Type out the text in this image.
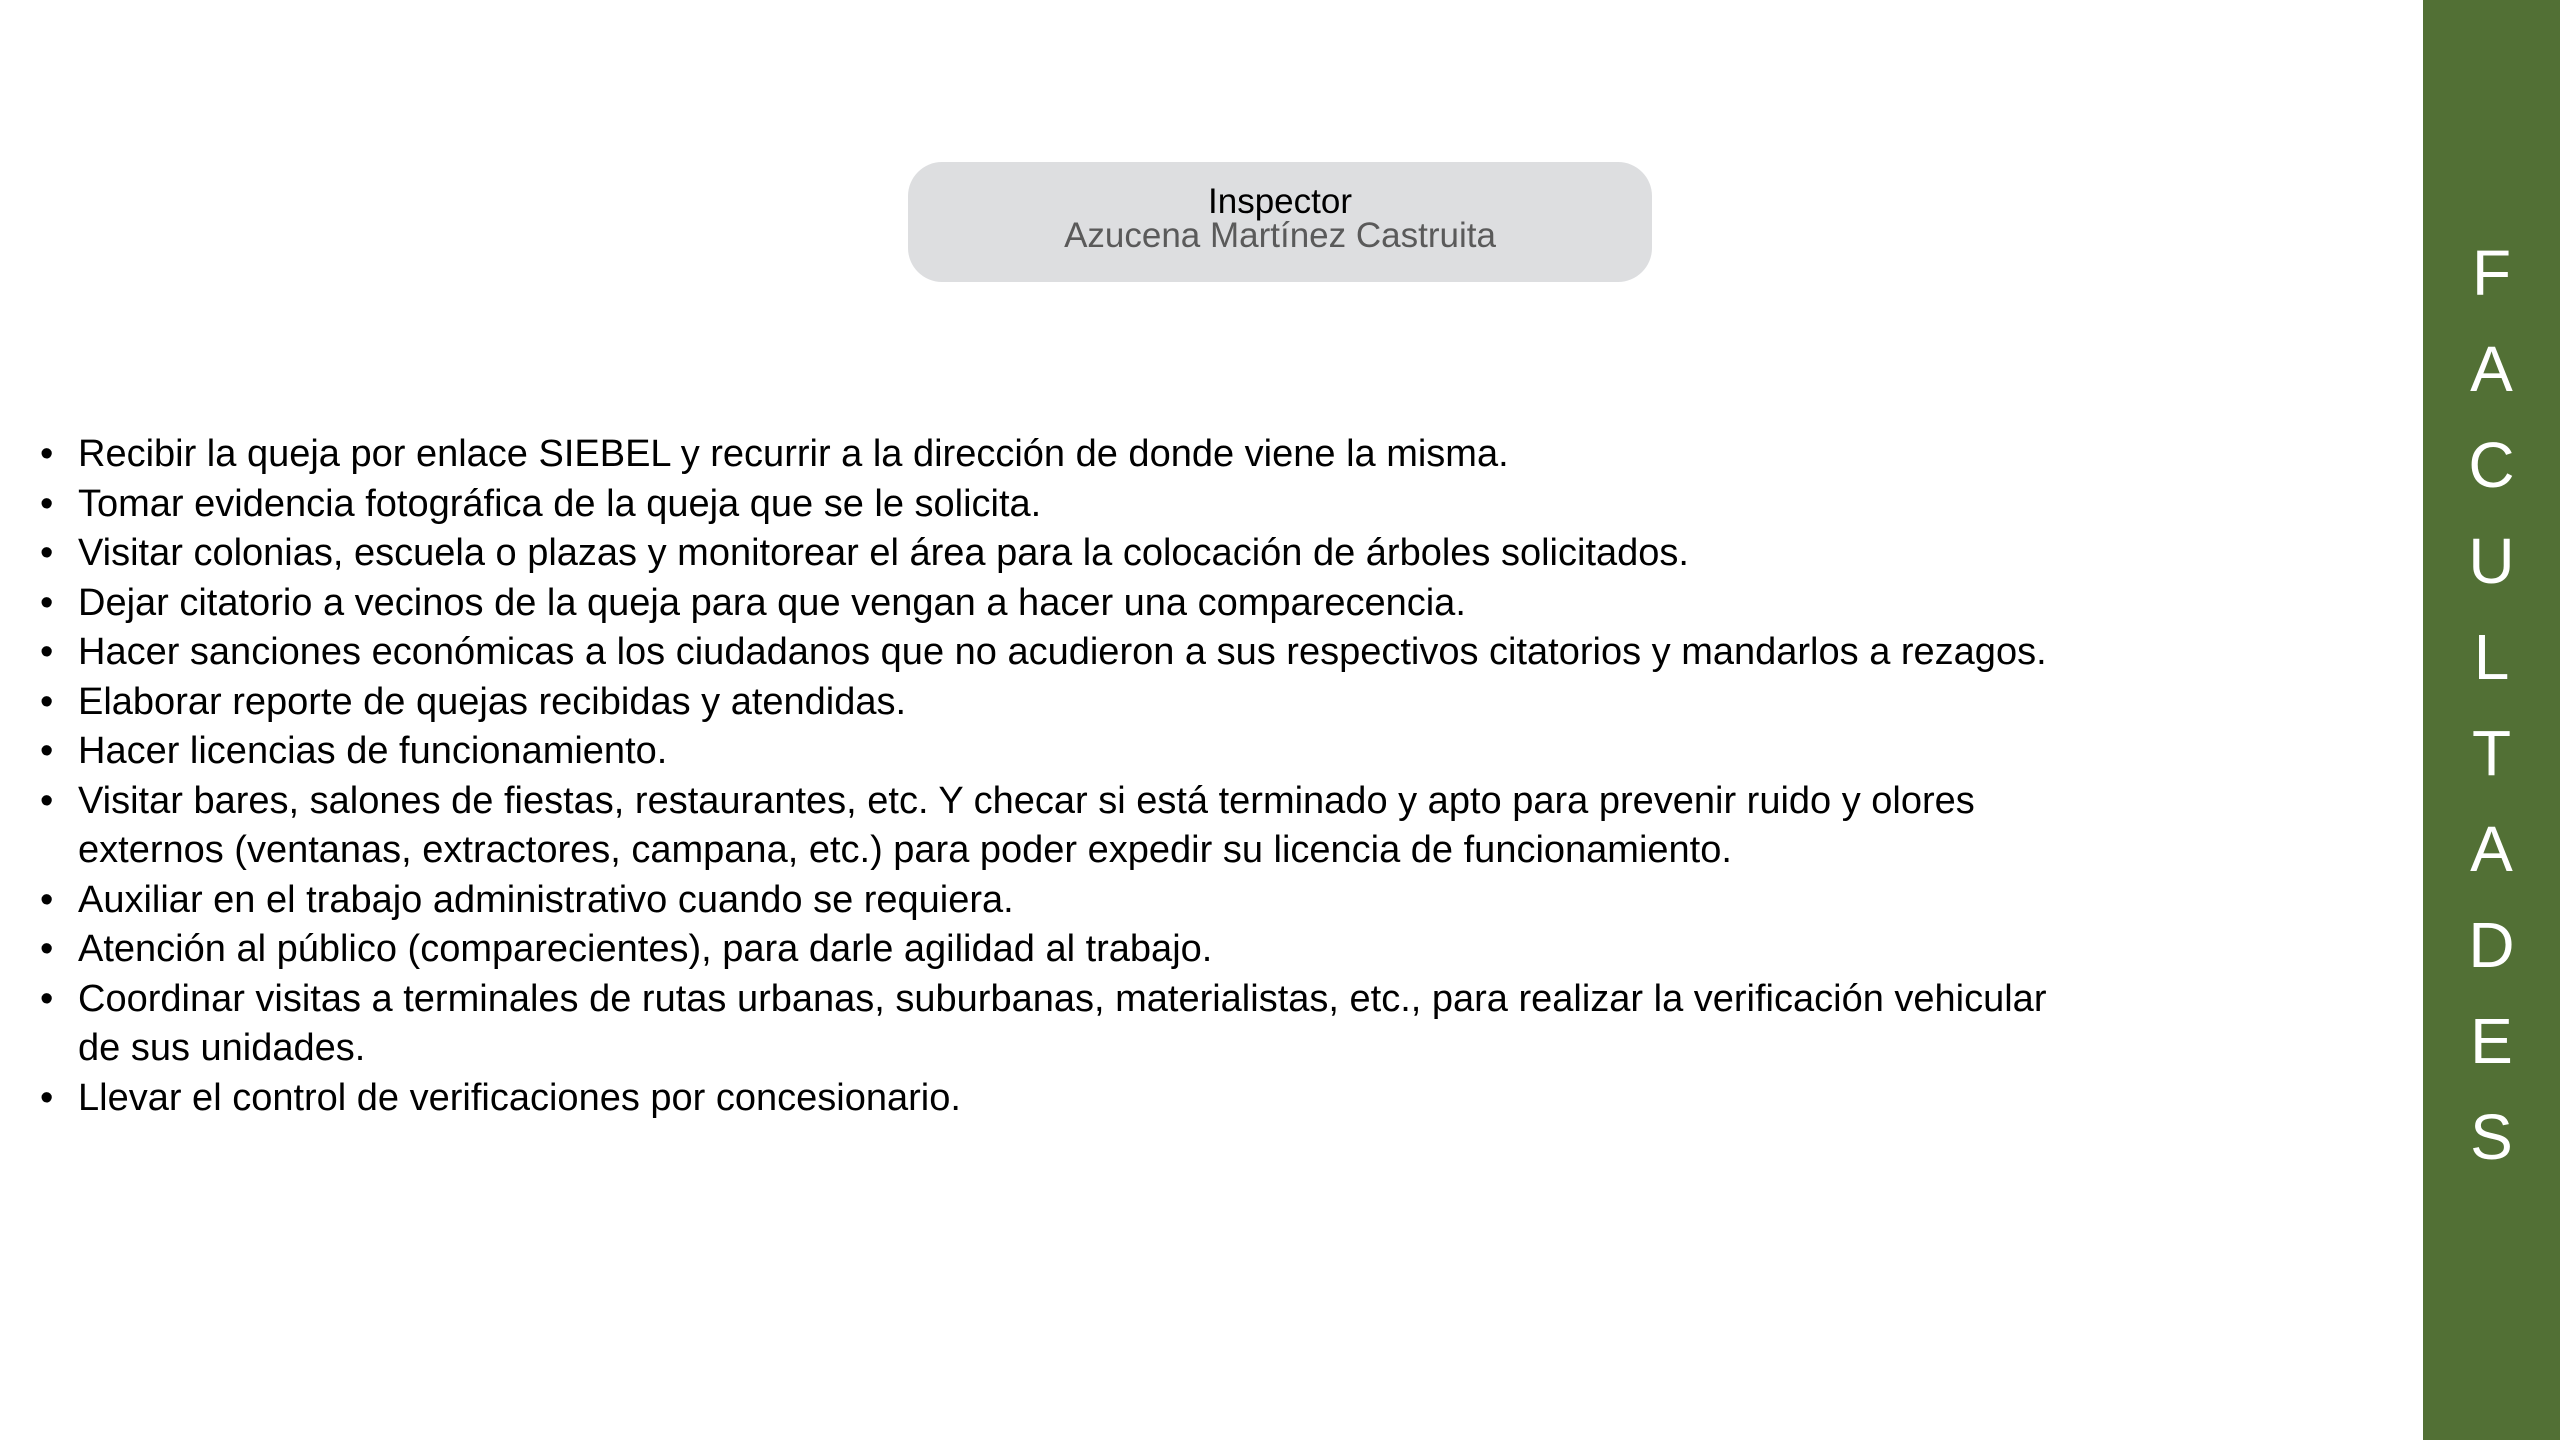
Inspector
Azucena Martínez Castruita
• Recibir la queja por enlace SIEBEL y recurrir a la dirección de donde viene la misma.
• Tomar evidencia fotográfica de la queja que se le solicita.
• Visitar colonias, escuela o plazas y monitorear el área para la colocación de árboles solicitados.
• Dejar citatorio a vecinos de la queja para que vengan a hacer una comparecencia.
• Hacer sanciones económicas a los ciudadanos que no acudieron a sus respectivos citatorios y mandarlos a rezagos.
• Elaborar reporte de quejas recibidas y atendidas.
• Hacer licencias de funcionamiento.
• Visitar bares, salones de fiestas, restaurantes, etc. Y checar si está terminado y apto para prevenir ruido y olores
externos (ventanas, extractores, campana, etc.) para poder expedir su licencia de funcionamiento.
• Auxiliar en el trabajo administrativo cuando se requiera.
• Atención al público (comparecientes), para darle agilidad al trabajo.
• Coordinar visitas a terminales de rutas urbanas, suburbanas, materialistas, etc., para realizar la verificación vehicular
de sus unidades.
• Llevar el control de verificaciones por concesionario.
F
A
C
U
L
T
A
D
E
S
